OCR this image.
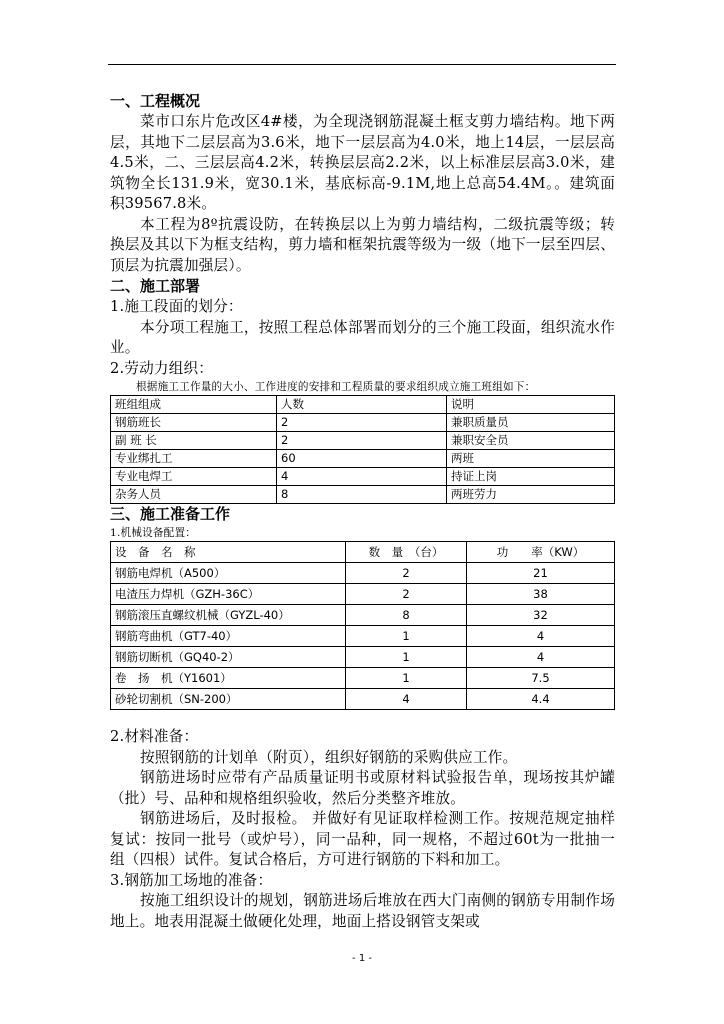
一、工程概况

菜市口东片危改区4#楼，为全现浇钢筋混凝土框支剪力墙结构。地下两层，其地下二层层高为3.6米，地下一层层高为4.0米，地上14层，一层层高4.5米，二、三层层高4.2米，转换层层高2.2米，以上标准层层高3.0米，建筑物全长131.9米，宽30.1米，基底标高-9.1M,地上总高54.4M。。建筑面积39567.8米。

本工程为8º抗震设防，在转换层以上为剪力墙结构，二级抗震等级；转换层及其以下为框支结构，剪力墙和框架抗震等级为一级（地下一层至四层、顶层为抗震加强层）。

二、施工部署

1.施工段面的划分：

本分项工程施工，按照工程总体部署而划分的三个施工段面，组织流水作业。

2.劳动力组织：

根据施工工作量的大小、工作进度的安排和工程质量的要求组织成立施工班组如下：

班组组成	人数	说明
钢筋班长	2	兼职质量员
副 班 长	2	兼职安全员
专业绑扎工	60	两班
专业电焊工	4	持证上岗
杂务人员	8	两班劳力
三、施工准备工作

1.机械设备配置：

设　备　名　称	数　量　（台）	功　　率（KW）
钢筋电焊机（A500）	2	21
电渣压力焊机（GZH-36C）	2	38
钢筋滚压直螺纹机械（GYZL-40）	8	32
钢筋弯曲机（GT7-40）	1	4
钢筋切断机（GQ40-2）	1	4
卷　扬　机（Y1601）	1	7.5
砂轮切割机（SN-200）	4	4.4

2.材料准备：

按照钢筋的计划单（附页），组织好钢筋的采购供应工作。

钢筋进场时应带有产品质量证明书或原材料试验报告单，现场按其炉罐（批）号、品种和规格组织验收，然后分类整齐堆放。

钢筋进场后，及时报检。 并做好有见证取样检测工作。按规范规定抽样复试：按同一批号（或炉号），同一品种，同一规格，不超过60t为一批抽一组（四根）试件。复试合格后，方可进行钢筋的下料和加工。

3.钢筋加工场地的准备：

按施工组织设计的规划，钢筋进场后堆放在西大门南侧的钢筋专用制作场地上。地表用混凝土做硬化处理，地面上搭设钢管支架或

- 1 -
